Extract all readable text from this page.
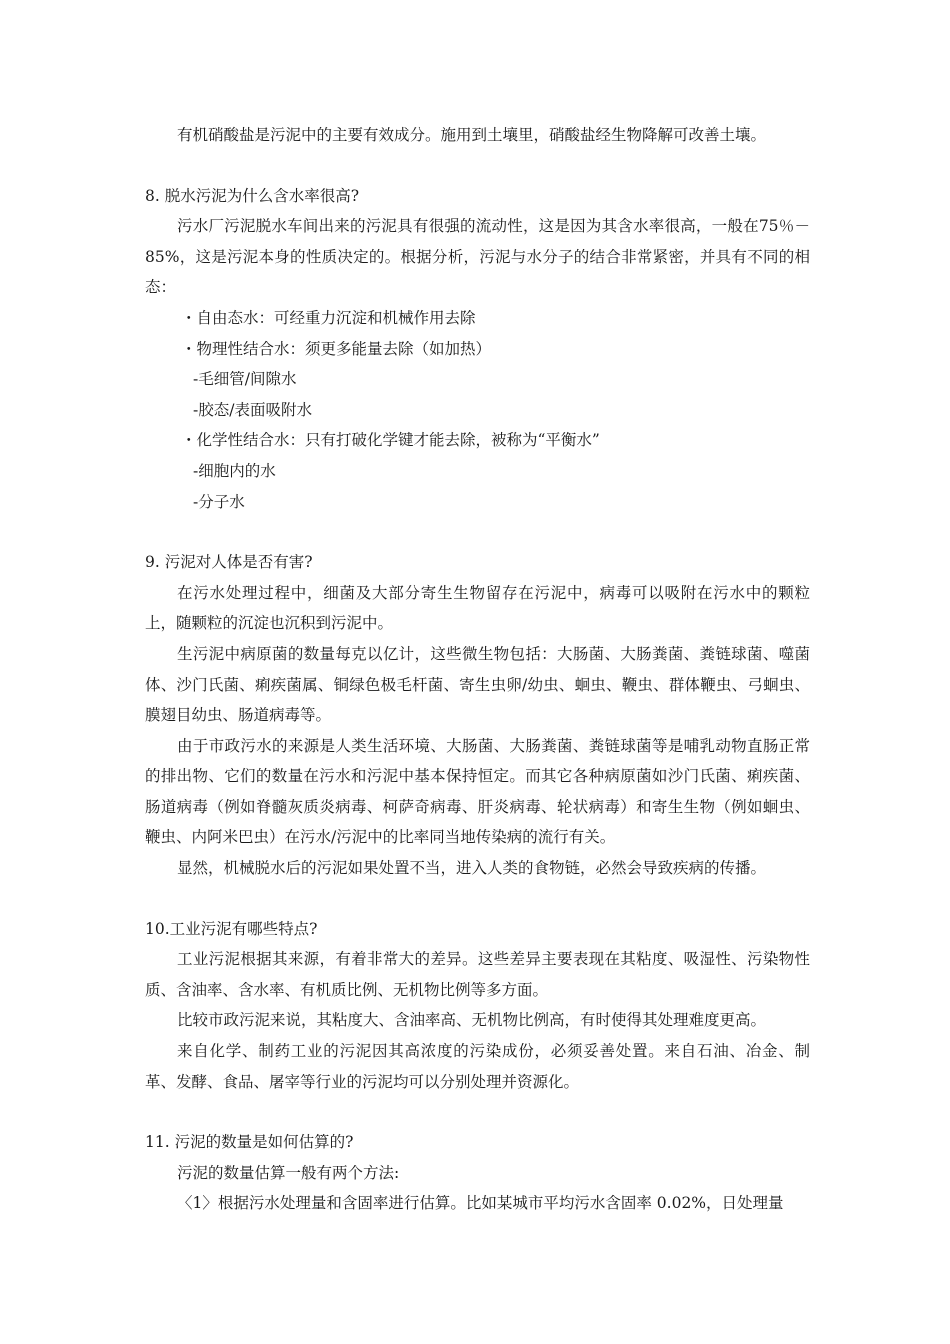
有机硝酸盐是污泥中的主要有效成分。施用到土壤里，硝酸盐经生物降解可改善土壤。

8. 脱水污泥为什么含水率很高?

污水厂污泥脱水车间出来的污泥具有很强的流动性，这是因为其含水率很高，一般在75％－85%，这是污泥本身的性质决定的。根据分析，污泥与水分子的结合非常紧密，并具有不同的相态：

・自由态水：可经重力沉淀和机械作用去除

・物理性结合水：须更多能量去除（如加热）

-毛细管/间隙水

-胶态/表面吸附水

・化学性结合水：只有打破化学键才能去除，被称为“平衡水”

-细胞内的水

-分子水

9. 污泥对人体是否有害?

在污水处理过程中，细菌及大部分寄生生物留存在污泥中，病毒可以吸附在污水中的颗粒上，随颗粒的沉淀也沉积到污泥中。

生污泥中病原菌的数量每克以亿计，这些微生物包括：大肠菌、大肠粪菌、粪链球菌、噬菌体、沙门氏菌、痢疾菌属、铜绿色极毛杆菌、寄生虫卵/幼虫、蛔虫、鞭虫、群体鞭虫、弓蛔虫、膜翅目幼虫、肠道病毒等。

由于市政污水的来源是人类生活环境、大肠菌、大肠粪菌、粪链球菌等是哺乳动物直肠正常的排出物、它们的数量在污水和污泥中基本保持恒定。而其它各种病原菌如沙门氏菌、痢疾菌、肠道病毒（例如脊髓灰质炎病毒、柯萨奇病毒、肝炎病毒、轮状病毒）和寄生生物（例如蛔虫、鞭虫、内阿米巴虫）在污水/污泥中的比率同当地传染病的流行有关。

显然，机械脱水后的污泥如果处置不当，进入人类的食物链，必然会导致疾病的传播。

10.工业污泥有哪些特点?

工业污泥根据其来源，有着非常大的差异。这些差异主要表现在其粘度、吸湿性、污染物性质、含油率、含水率、有机质比例、无机物比例等多方面。

比较市政污泥来说，其粘度大、含油率高、无机物比例高，有时使得其处理难度更高。

来自化学、制药工业的污泥因其高浓度的污染成份，必须妥善处置。来自石油、冶金、制革、发酵、食品、屠宰等行业的污泥均可以分别处理并资源化。

11. 污泥的数量是如何估算的?

污泥的数量估算一般有两个方法:

〈1〉根据污水处理量和含固率进行估算。比如某城市平均污水含固率 0.02%，日处理量
